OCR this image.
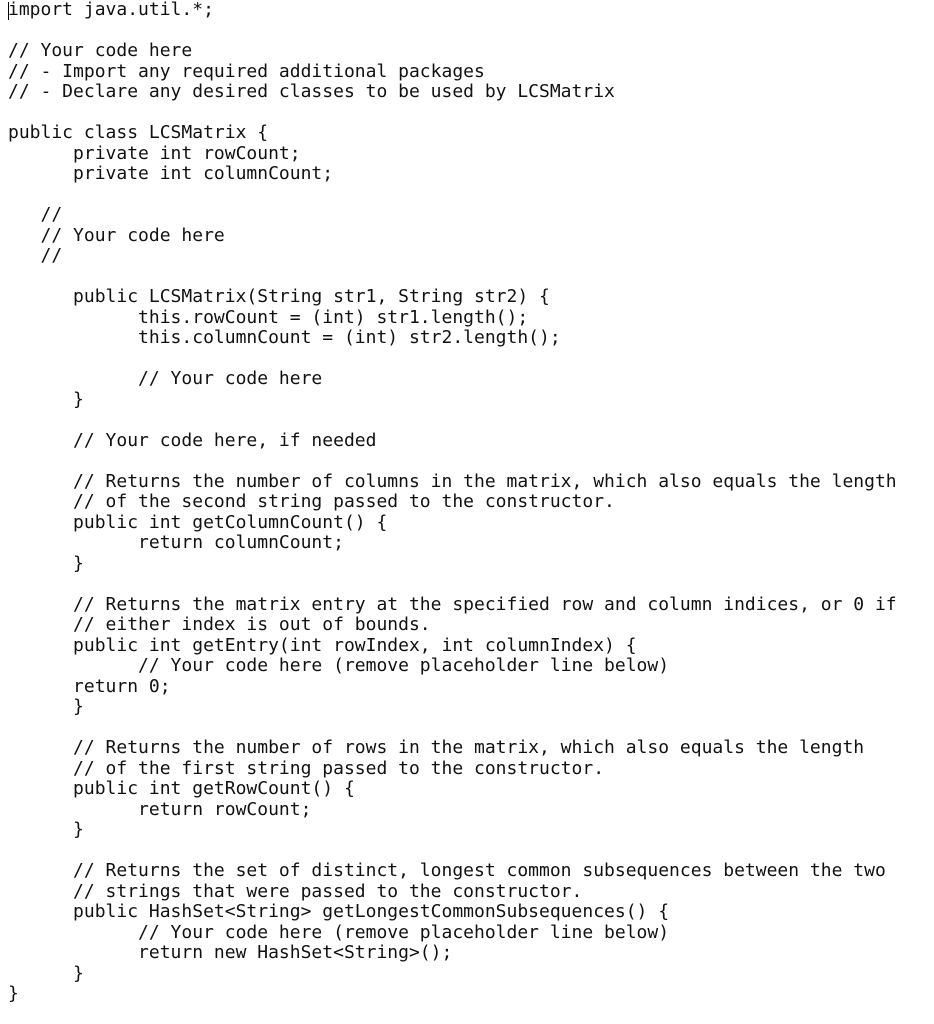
import java.util.*;
// Your code here
// - Import any required additional packages
// - Declare any desired classes to be used by LCSMatrix
public class LCSMatrix {
private int rowCount;
private int columnCount;
//
// Your code here
//
public LCSMatrix(String str1, String str2) {
this.rowCount = (int) str1.length();
this.columnCount = (int) str2.length();
// Your code here
}
// Your code here, if needed
// Returns the number of columns in the matrix, which also equals the length
// of the second string passed to the constructor.
public int getColumnCount() {
return columnCount;
}
// Returns the matrix entry at the specified row and column indices, or 0 if
// either index is out of bounds.
public int getEntry(int rowIndex, int columnIndex) {
// Your code here (remove placeholder line below)
return 0;
}
// Returns the number of rows in the matrix, which also equals the length
// of the first string passed to the constructor.
public int getRowCount() {
return rowCount;
}
// Returns the set of distinct, longest common subsequences between the two
// strings that were passed to the constructor.
public HashSet<String> getLongestCommonSubsequences() {
// Your code here (remove placeholder line below)
return new HashSet<String>();
}
}
